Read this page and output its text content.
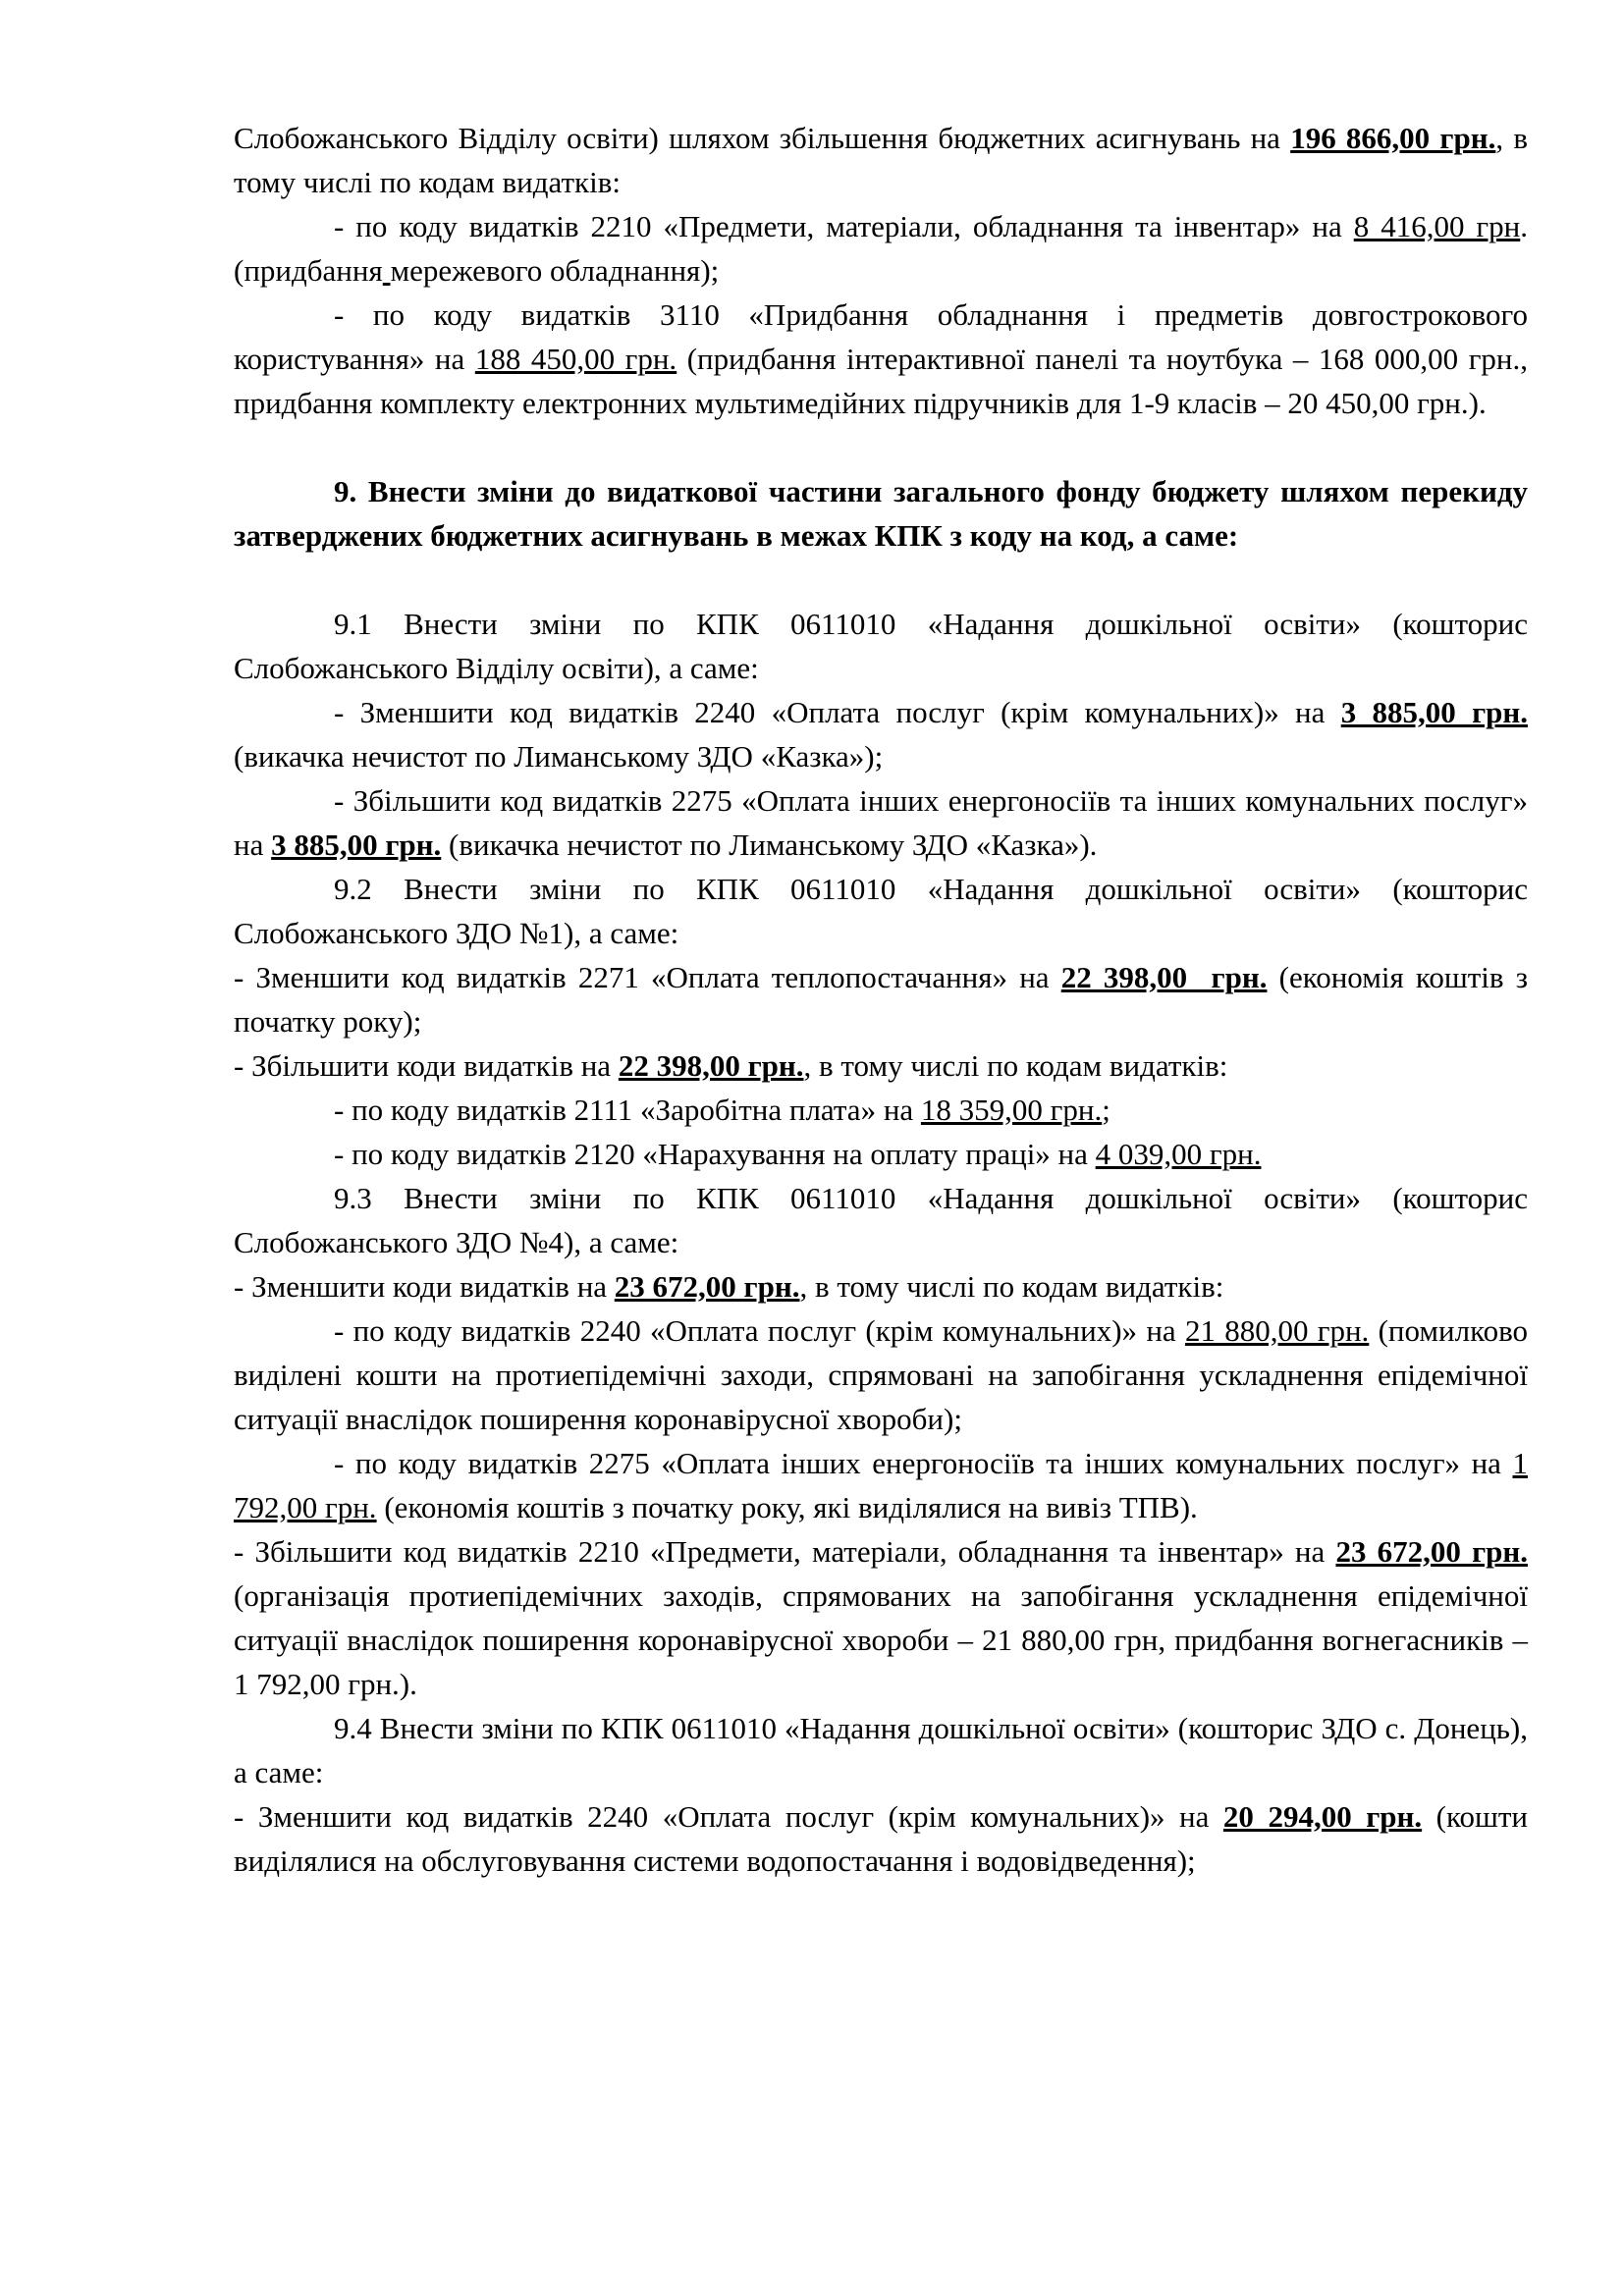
Слобожанського Відділу освіти) шляхом збільшення бюджетних асигнувань на 196 866,00 грн., в тому числі по кодам видатків:

- по коду видатків 2210 «Предмети, матеріали, обладнання та інвентар» на 8 416,00 грн. (придбання мережевого обладнання);

- по коду видатків 3110 «Придбання обладнання і предметів довгострокового користування» на 188 450,00 грн. (придбання інтерактивної панелі та ноутбука – 168 000,00 грн., придбання комплекту електронних мультимедійних підручників для 1-9 класів – 20 450,00 грн.).

9. Внести зміни до видаткової частини загального фонду бюджету шляхом перекиду затверджених бюджетних асигнувань в межах КПК з коду на код, а саме:

9.1 Внести зміни по КПК 0611010 «Надання дошкільної освіти» (кошторис Слобожанського Відділу освіти), а саме:

- Зменшити код видатків 2240 «Оплата послуг (крім комунальних)» на 3 885,00 грн. (викачка нечистот по Лиманському ЗДО «Казка»);

- Збільшити код видатків 2275 «Оплата інших енергоносіїв та інших комунальних послуг» на 3 885,00 грн. (викачка нечистот по Лиманському ЗДО «Казка»).

9.2 Внести зміни по КПК 0611010 «Надання дошкільної освіти» (кошторис Слобожанського ЗДО №1), а саме:

- Зменшити код видатків 2271 «Оплата теплопостачання» на 22 398,00  грн. (економія коштів з початку року);

- Збільшити коди видатків на 22 398,00 грн., в тому числі по кодам видатків:

- по коду видатків 2111 «Заробітна плата» на 18 359,00 грн.;

- по коду видатків 2120 «Нарахування на оплату праці» на 4 039,00 грн.

9.3 Внести зміни по КПК 0611010 «Надання дошкільної освіти» (кошторис Слобожанського ЗДО №4), а саме:

- Зменшити коди видатків на 23 672,00 грн., в тому числі по кодам видатків:

- по коду видатків 2240 «Оплата послуг (крім комунальних)» на 21 880,00 грн. (помилково виділені кошти на протиепідемічні заходи, спрямовані на запобігання ускладнення епідемічної ситуації внаслідок поширення коронавірусної хвороби);

- по коду видатків 2275 «Оплата інших енергоносіїв та інших комунальних послуг» на 1 792,00 грн. (економія коштів з початку року, які виділялися на вивіз ТПВ).

- Збільшити код видатків 2210 «Предмети, матеріали, обладнання та інвентар» на 23 672,00 грн. (організація протиепідемічних заходів, спрямованих на запобігання ускладнення епідемічної ситуації внаслідок поширення коронавірусної хвороби – 21 880,00 грн, придбання вогнегасників – 1 792,00 грн.).

9.4 Внести зміни по КПК 0611010 «Надання дошкільної освіти» (кошторис ЗДО с. Донець), а саме:

- Зменшити код видатків 2240 «Оплата послуг (крім комунальних)» на 20 294,00 грн. (кошти виділялися на обслуговування системи водопостачання і водовідведення);
